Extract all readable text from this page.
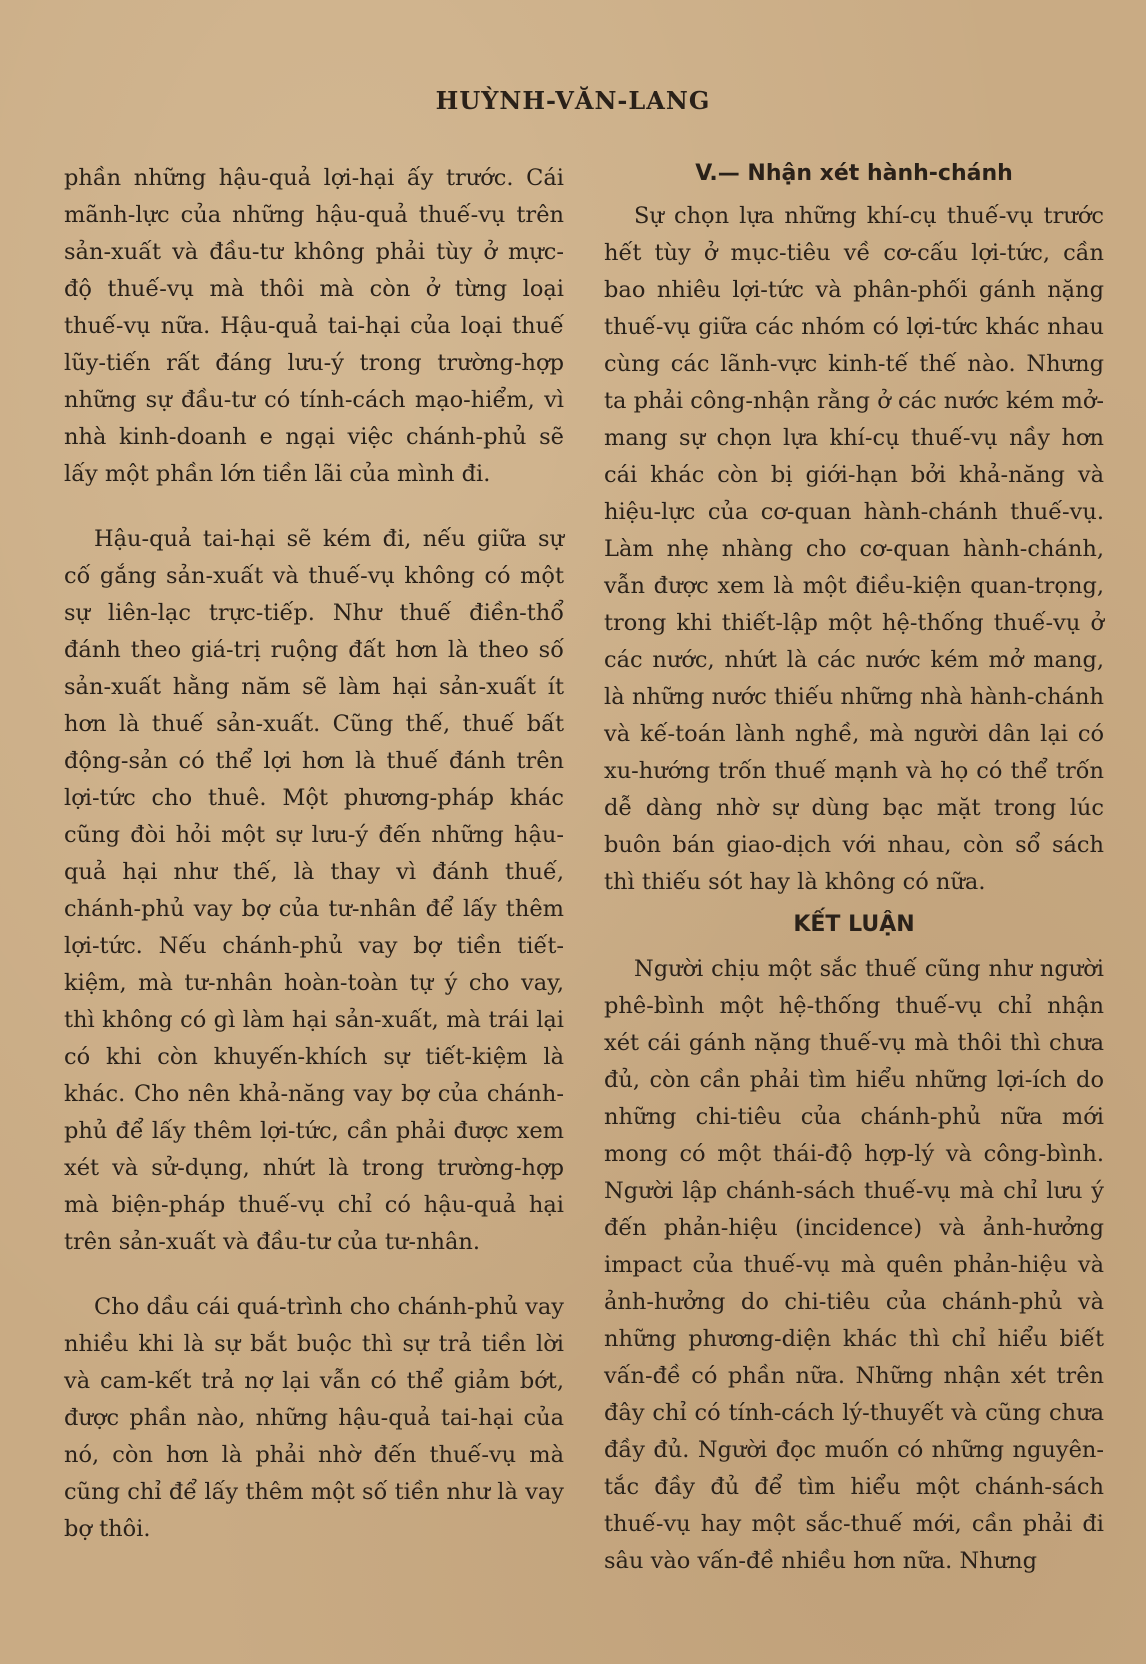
HUỲNH-VĂN-LANG

phần những hậu-quả lợi-hại ấy trước. Cái mãnh-lực của những hậu-quả thuế-vụ trên sản-xuất và đầu-tư không phải tùy ở mực-độ thuế-vụ mà thôi mà còn ở từng loại thuế-vụ nữa. Hậu-quả tai-hại của loại thuế lũy-tiến rất đáng lưu-ý trong trường-hợp những sự đầu-tư có tính-cách mạo-hiểm, vì nhà kinh-doanh e ngại việc chánh-phủ sẽ lấy một phần lớn tiền lãi của mình đi.

Hậu-quả tai-hại sẽ kém đi, nếu giữa sự cố gắng sản-xuất và thuế-vụ không có một sự liên-lạc trực-tiếp. Như thuế điền-thổ đánh theo giá-trị ruộng đất hơn là theo số sản-xuất hằng năm sẽ làm hại sản-xuất ít hơn là thuế sản-xuất. Cũng thế, thuế bất động-sản có thể lợi hơn là thuế đánh trên lợi-tức cho thuê. Một phương-pháp khác cũng đòi hỏi một sự lưu-ý đến những hậu-quả hại như thế, là thay vì đánh thuế, chánh-phủ vay bợ của tư-nhân để lấy thêm lợi-tức. Nếu chánh-phủ vay bợ tiền tiết-kiệm, mà tư-nhân hoàn-toàn tự ý cho vay, thì không có gì làm hại sản-xuất, mà trái lại có khi còn khuyến-khích sự tiết-kiệm là khác. Cho nên khả-năng vay bợ của chánh-phủ để lấy thêm lợi-tức, cần phải được xem xét và sử-dụng, nhứt là trong trường-hợp mà biện-pháp thuế-vụ chỉ có hậu-quả hại trên sản-xuất và đầu-tư của tư-nhân.

Cho dầu cái quá-trình cho chánh-phủ vay nhiều khi là sự bắt buộc thì sự trả tiền lời và cam-kết trả nợ lại vẫn có thể giảm bớt, được phần nào, những hậu-quả tai-hại của nó, còn hơn là phải nhờ đến thuế-vụ mà cũng chỉ để lấy thêm một số tiền như là vay bợ thôi.

V.— Nhận xét hành-chánh

Sự chọn lựa những khí-cụ thuế-vụ trước hết tùy ở mục-tiêu về cơ-cấu lợi-tức, cần bao nhiêu lợi-tức và phân-phối gánh nặng thuế-vụ giữa các nhóm có lợi-tức khác nhau cùng các lãnh-vực kinh-tế thế nào. Nhưng ta phải công-nhận rằng ở các nước kém mở-mang sự chọn lựa khí-cụ thuế-vụ nầy hơn cái khác còn bị giới-hạn bởi khả-năng và hiệu-lực của cơ-quan hành-chánh thuế-vụ. Làm nhẹ nhàng cho cơ-quan hành-chánh, vẫn được xem là một điều-kiện quan-trọng, trong khi thiết-lập một hệ-thống thuế-vụ ở các nước, nhứt là các nước kém mở mang, là những nước thiếu những nhà hành-chánh và kế-toán lành nghề, mà người dân lại có xu-hướng trốn thuế mạnh và họ có thể trốn dễ dàng nhờ sự dùng bạc mặt trong lúc buôn bán giao-dịch với nhau, còn sổ sách thì thiếu sót hay là không có nữa.

KẾT LUẬN

Người chịu một sắc thuế cũng như người phê-bình một hệ-thống thuế-vụ chỉ nhận xét cái gánh nặng thuế-vụ mà thôi thì chưa đủ, còn cần phải tìm hiểu những lợi-ích do những chi-tiêu của chánh-phủ nữa mới mong có một thái-độ hợp-lý và công-bình. Người lập chánh-sách thuế-vụ mà chỉ lưu ý đến phản-hiệu (incidence) và ảnh-hưởng impact của thuế-vụ mà quên phản-hiệu và ảnh-hưởng do chi-tiêu của chánh-phủ và những phương-diện khác thì chỉ hiểu biết vấn-đề có phần nữa. Những nhận xét trên đây chỉ có tính-cách lý-thuyết và cũng chưa đầy đủ. Người đọc muốn có những nguyên-tắc đầy đủ để tìm hiểu một chánh-sách thuế-vụ hay một sắc-thuế mới, cần phải đi sâu vào vấn-đề nhiều hơn nữa. Nhưng
